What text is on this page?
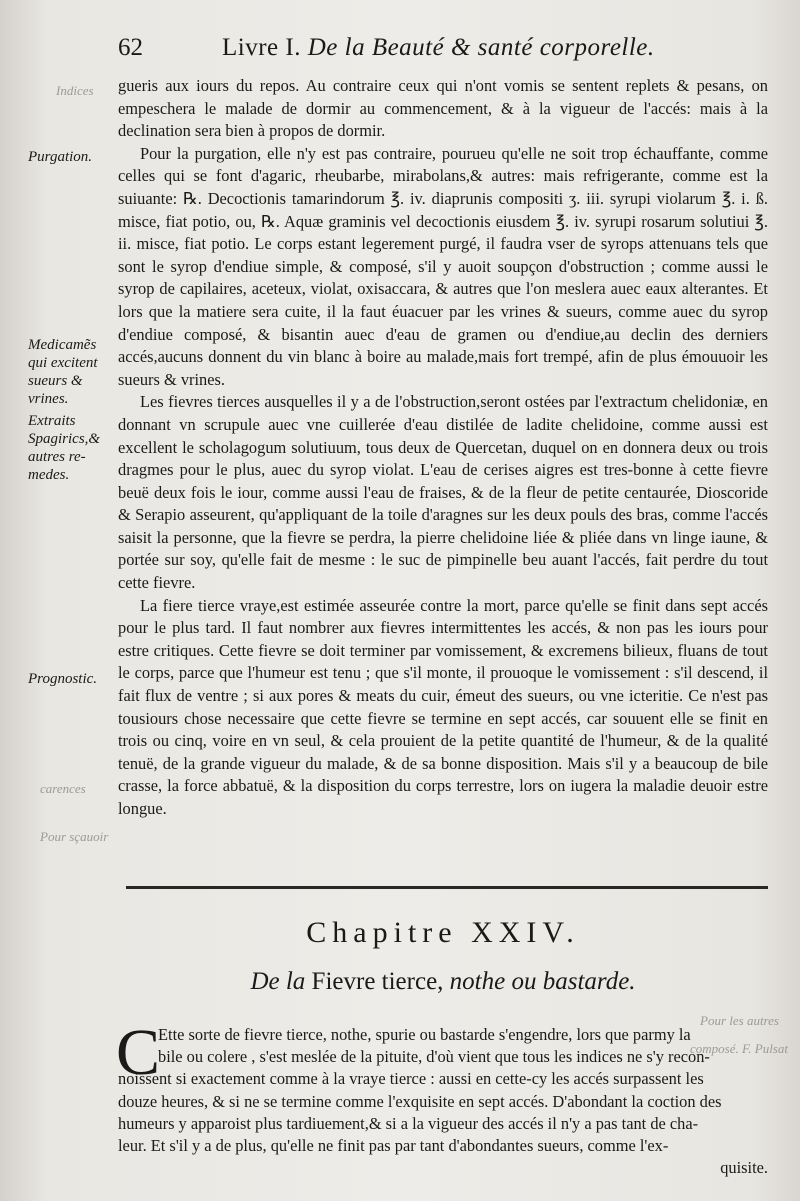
62	Livre I. De la Beauté & santé corporelle.
Indices
Purgation.
Medicamẽs
qui excitent
sueurs &
vrines.
Extraits
Spagirics,&
autres re-
medes.
Prognostic.
carences
Pour sçauoir
Pour les autres
composé. F. Pulsat

gueris aux iours du repos. Au contraire ceux qui n'ont vomis se sentent replets & pesans, on empeschera le malade de dormir au commencement, & à la vigueur de l'accés: mais à la declination sera bien à propos de dormir.

Pour la purgation, elle n'y est pas contraire, pourueu qu'elle ne soit trop échauffante, comme celles qui se font d'agaric, rheubarbe, mirabolans,& autres: mais refrigerante, comme est la suiuante: ℞. Decoctionis tamarindorum ℥. iv. diaprunis compositi ʒ. iii. syrupi violarum ℥. i. ß. misce, fiat potio, ou, ℞. Aquæ graminis vel decoctionis eiusdem ℥. iv. syrupi rosarum solutiui ℥. ii. misce, fiat potio. Le corps estant legerement purgé, il faudra vser de syrops attenuans tels que sont le syrop d'endiue simple, & composé, s'il y auoit soupçon d'obstruction ; comme aussi le syrop de capilaires, aceteux, violat, oxisaccara, & autres que l'on meslera auec eaux alterantes. Et lors que la matiere sera cuite, il la faut éuacuer par les vrines & sueurs, comme auec du syrop d'endiue composé, & bisantin auec d'eau de gramen ou d'endiue,au declin des derniers accés,aucuns donnent du vin blanc à boire au malade,mais fort trempé, afin de plus émouuoir les sueurs & vrines.

Les fievres tierces ausquelles il y a de l'obstruction,seront ostées par l'extractum chelidoniæ, en donnant vn scrupule auec vne cuillerée d'eau distilée de ladite chelidoine, comme aussi est excellent le scholagogum solutiuum, tous deux de Quercetan, duquel on en donnera deux ou trois dragmes pour le plus, auec du syrop violat. L'eau de cerises aigres est tres-bonne à cette fievre beuë deux fois le iour, comme aussi l'eau de fraises, & de la fleur de petite centaurée, Dioscoride & Serapio asseurent, qu'appliquant de la toile d'aragnes sur les deux pouls des bras, comme l'accés saisit la personne, que la fievre se perdra, la pierre chelidoine liée & pliée dans vn linge iaune, & portée sur soy, qu'elle fait de mesme : le suc de pimpinelle beu auant l'accés, fait perdre du tout cette fievre.

La fiere tierce vraye,est estimée asseurée contre la mort, parce qu'elle se finit dans sept accés pour le plus tard. Il faut nombrer aux fievres intermittentes les accés, & non pas les iours pour estre critiques. Cette fievre se doit terminer par vomissement, & excremens bilieux, fluans de tout le corps, parce que l'humeur est tenu ; que s'il monte, il prouoque le vomissement : s'il descend, il fait flux de ventre ; si aux pores & meats du cuir, émeut des sueurs, ou vne icteritie. Ce n'est pas tousiours chose necessaire que cette fievre se termine en sept accés, car souuent elle se finit en trois ou cinq, voire en vn seul, & cela prouient de la petite quantité de l'humeur, & de la qualité tenuë, de la grande vigueur du malade, & de sa bonne disposition. Mais s'il y a beaucoup de bile crasse, la force abbatuë, & la disposition du corps terrestre, lors on iugera la maladie deuoir estre longue.

Chapitre XXIV.
De la Fievre tierce, nothe ou bastarde.
C
Ette sorte de fievre tierce, nothe, spurie ou bastarde s'engendre, lors que parmy la
bile ou colere , s'est meslée de la pituite, d'où vient que tous les indices ne s'y recon-
noissent si exactement comme à la vraye tierce : aussi en cette-cy les accés surpassent les
douze heures, & si ne se termine comme l'exquisite en sept accés. D'abondant la coction des
humeurs y apparoist plus tardiuement,& si a la vigueur des accés il n'y a pas tant de cha-
leur. Et s'il y a de plus, qu'elle ne finit pas par tant d'abondantes sueurs, comme l'ex-
quisite.
